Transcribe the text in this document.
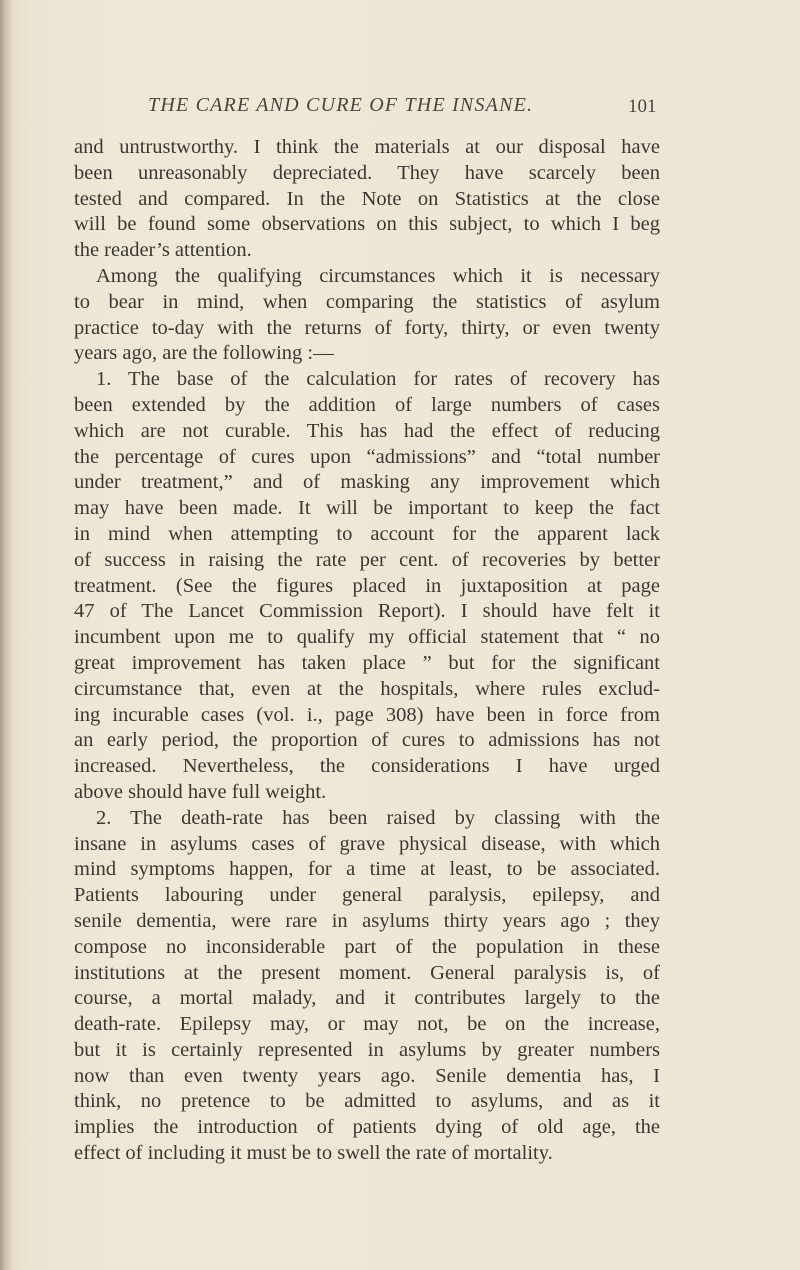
THE CARE AND CURE OF THE INSANE.	101
and untrustworthy. I think the materials at our disposal have
been unreasonably depreciated. They have scarcely been
tested and compared. In the Note on Statistics at the close
will be found some observations on this subject, to which I beg
the reader’s attention.
Among the qualifying circumstances which it is necessary
to bear in mind, when comparing the statistics of asylum
practice to-day with the returns of forty, thirty, or even twenty
years ago, are the following :—
1. The base of the calculation for rates of recovery has
been extended by the addition of large numbers of cases
which are not curable. This has had the effect of reducing
the percentage of cures upon “admissions” and “total number
under treatment,” and of masking any improvement which
may have been made. It will be important to keep the fact
in mind when attempting to account for the apparent lack
of success in raising the rate per cent. of recoveries by better
treatment. (See the figures placed in juxtaposition at page
47 of The Lancet Commission Report). I should have felt it
incumbent upon me to qualify my official statement that “ no
great improvement has taken place ” but for the significant
circumstance that, even at the hospitals, where rules exclud-
ing incurable cases (vol. i., page 308) have been in force from
an early period, the proportion of cures to admissions has not
increased. Nevertheless, the considerations I have urged
above should have full weight.
2. The death-rate has been raised by classing with the
insane in asylums cases of grave physical disease, with which
mind symptoms happen, for a time at least, to be associated.
Patients labouring under general paralysis, epilepsy, and
senile dementia, were rare in asylums thirty years ago ; they
compose no inconsiderable part of the population in these
institutions at the present moment. General paralysis is, of
course, a mortal malady, and it contributes largely to the
death-rate. Epilepsy may, or may not, be on the increase,
but it is certainly represented in asylums by greater numbers
now than even twenty years ago. Senile dementia has, I
think, no pretence to be admitted to asylums, and as it
implies the introduction of patients dying of old age, the
effect of including it must be to swell the rate of mortality.
